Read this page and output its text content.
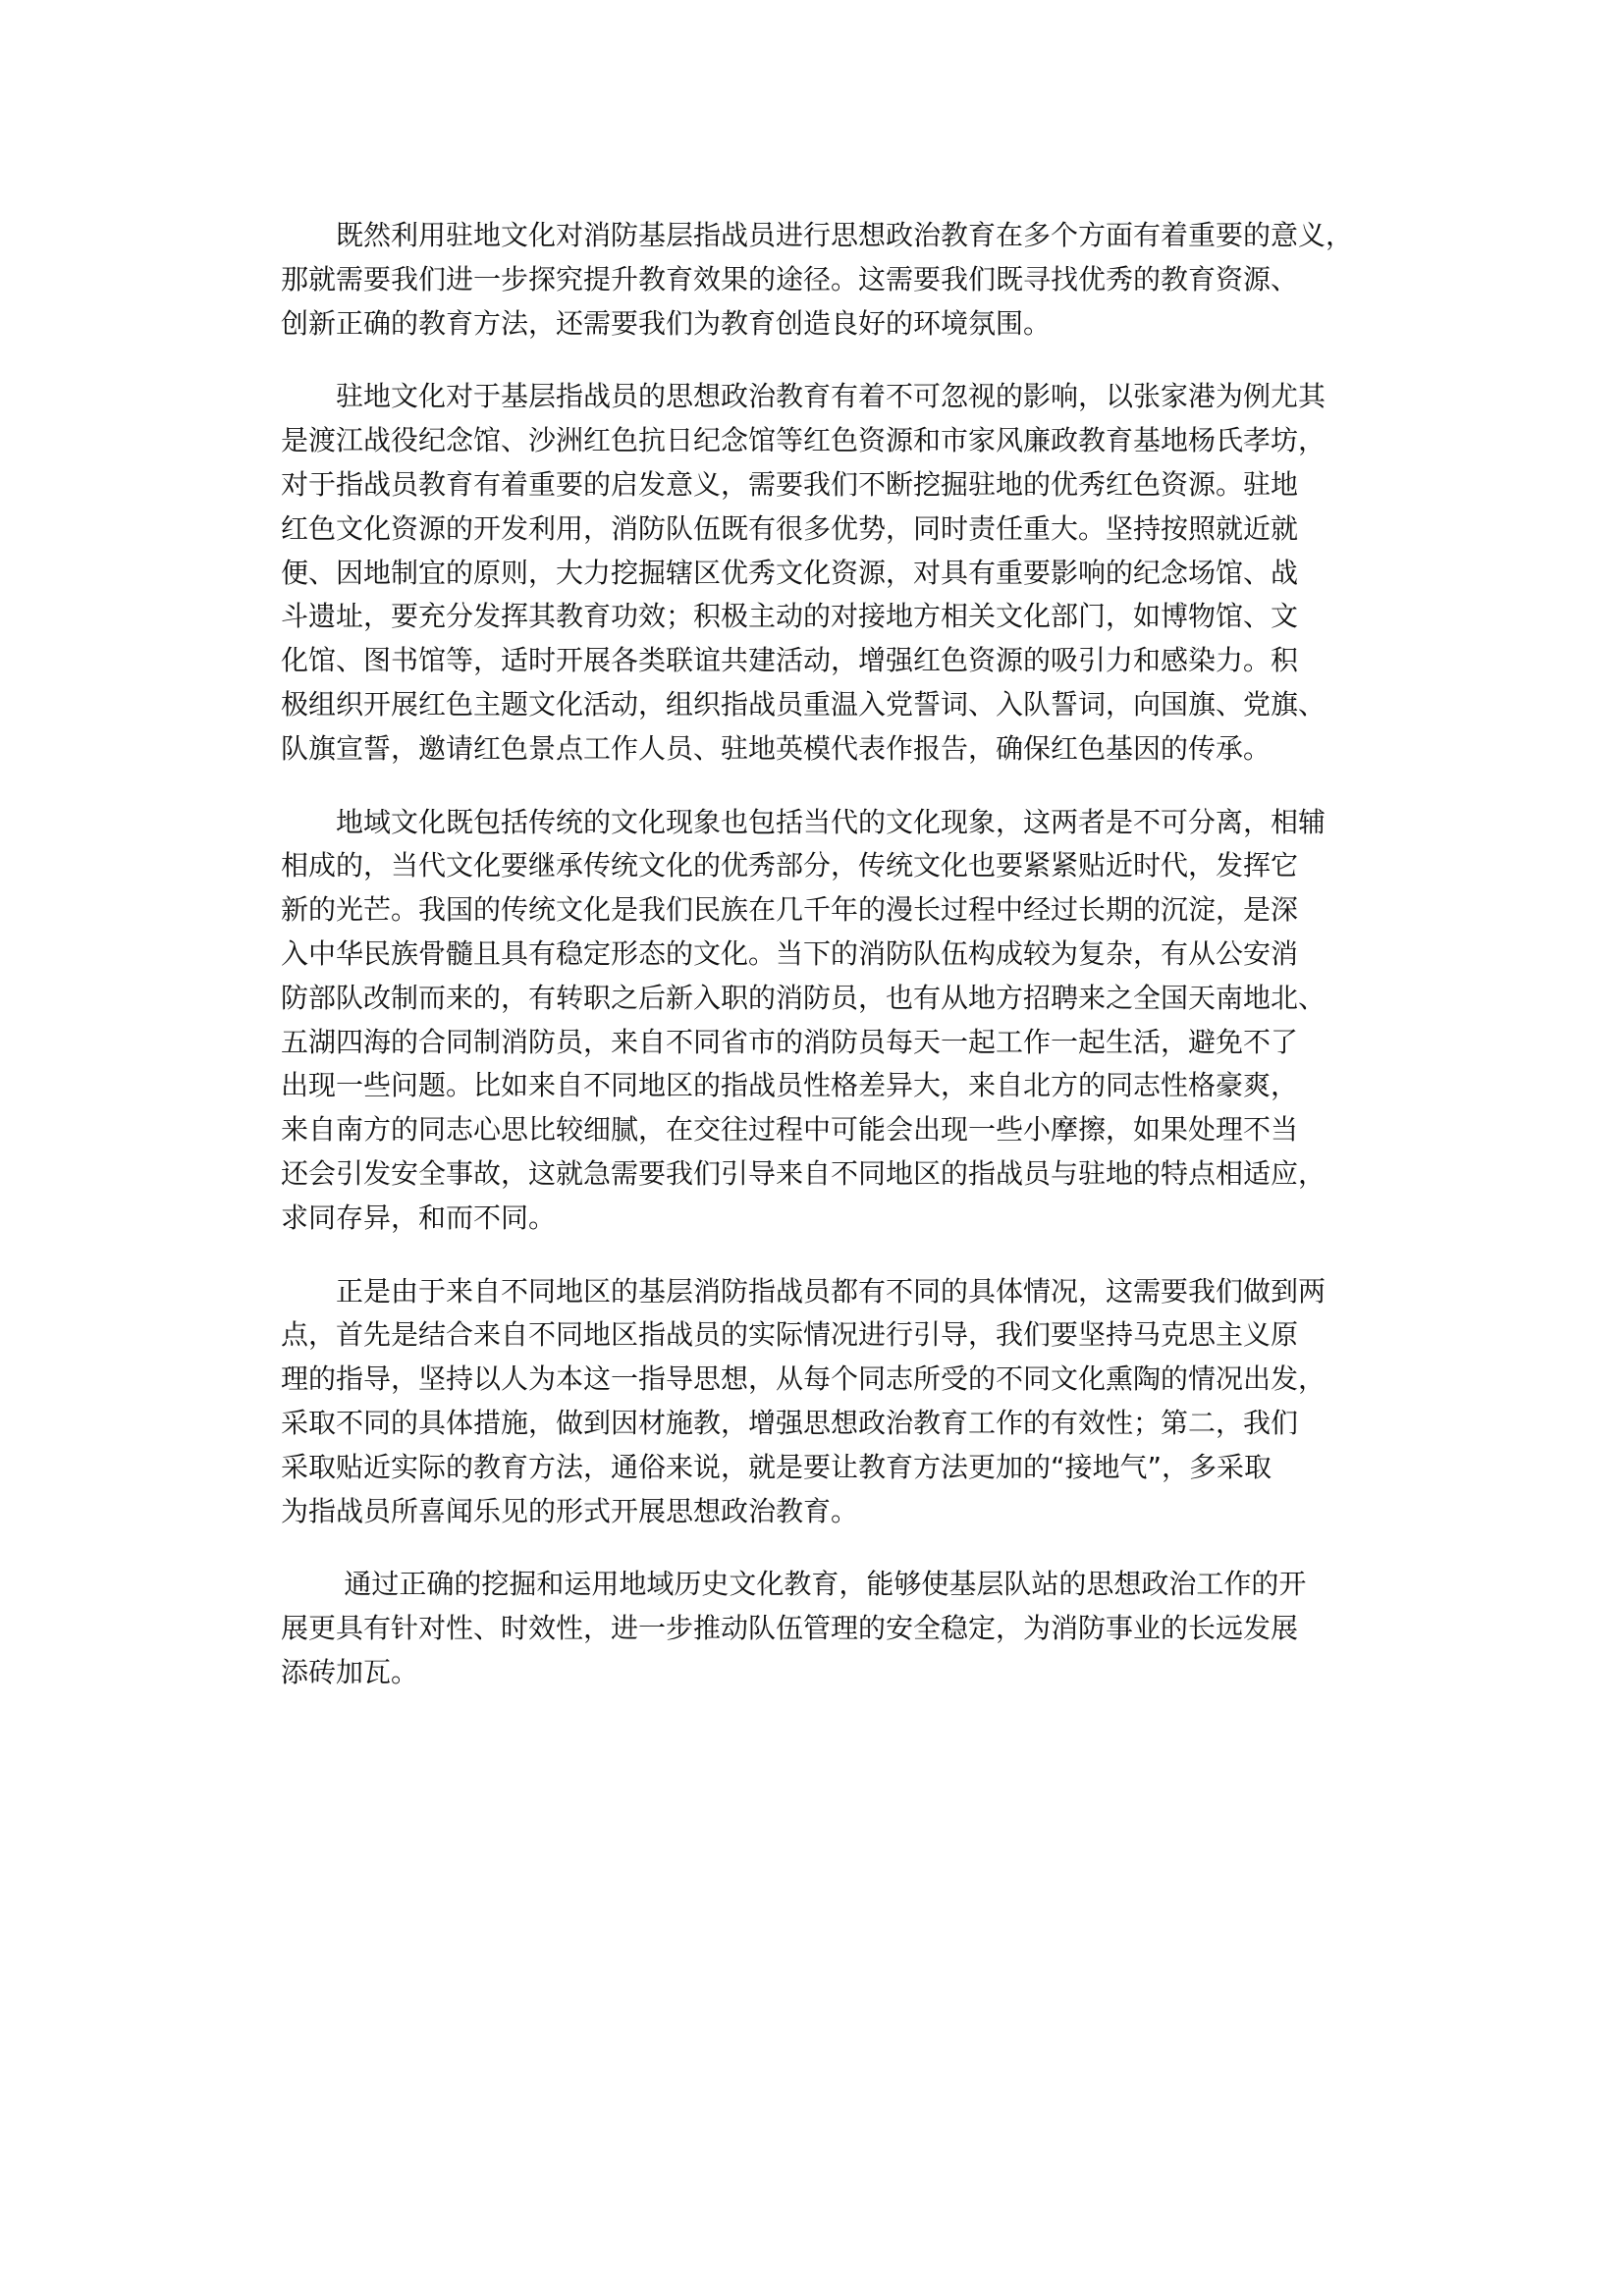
既然利用驻地文化对消防基层指战员进行思想政治教育在多个方面有着重要的意义，
那就需要我们进一步探究提升教育效果的途径。这需要我们既寻找优秀的教育资源、
创新正确的教育方法，还需要我们为教育创造良好的环境氛围。

驻地文化对于基层指战员的思想政治教育有着不可忽视的影响，以张家港为例尤其
是渡江战役纪念馆、沙洲红色抗日纪念馆等红色资源和市家风廉政教育基地杨氏孝坊，
对于指战员教育有着重要的启发意义，需要我们不断挖掘驻地的优秀红色资源。驻地
红色文化资源的开发利用，消防队伍既有很多优势，同时责任重大。坚持按照就近就
便、因地制宜的原则，大力挖掘辖区优秀文化资源，对具有重要影响的纪念场馆、战
斗遗址，要充分发挥其教育功效；积极主动的对接地方相关文化部门，如博物馆、文
化馆、图书馆等，适时开展各类联谊共建活动，增强红色资源的吸引力和感染力。积
极组织开展红色主题文化活动，组织指战员重温入党誓词、入队誓词，向国旗、党旗、
队旗宣誓，邀请红色景点工作人员、驻地英模代表作报告，确保红色基因的传承。

地域文化既包括传统的文化现象也包括当代的文化现象，这两者是不可分离，相辅
相成的，当代文化要继承传统文化的优秀部分，传统文化也要紧紧贴近时代，发挥它
新的光芒。我国的传统文化是我们民族在几千年的漫长过程中经过长期的沉淀，是深
入中华民族骨髓且具有稳定形态的文化。当下的消防队伍构成较为复杂，有从公安消
防部队改制而来的，有转职之后新入职的消防员，也有从地方招聘来之全国天南地北、
五湖四海的合同制消防员，来自不同省市的消防员每天一起工作一起生活，避免不了
出现一些问题。比如来自不同地区的指战员性格差异大，来自北方的同志性格豪爽，
来自南方的同志心思比较细腻，在交往过程中可能会出现一些小摩擦，如果处理不当
还会引发安全事故，这就急需要我们引导来自不同地区的指战员与驻地的特点相适应，
求同存异，和而不同。

正是由于来自不同地区的基层消防指战员都有不同的具体情况，这需要我们做到两
点，首先是结合来自不同地区指战员的实际情况进行引导，我们要坚持马克思主义原
理的指导，坚持以人为本这一指导思想，从每个同志所受的不同文化熏陶的情况出发，
采取不同的具体措施，做到因材施教，增强思想政治教育工作的有效性；第二，我们
采取贴近实际的教育方法，通俗来说，就是要让教育方法更加的“接地气”，多采取
为指战员所喜闻乐见的形式开展思想政治教育。

通过正确的挖掘和运用地域历史文化教育，能够使基层队站的思想政治工作的开
展更具有针对性、时效性，进一步推动队伍管理的安全稳定，为消防事业的长远发展
添砖加瓦。
